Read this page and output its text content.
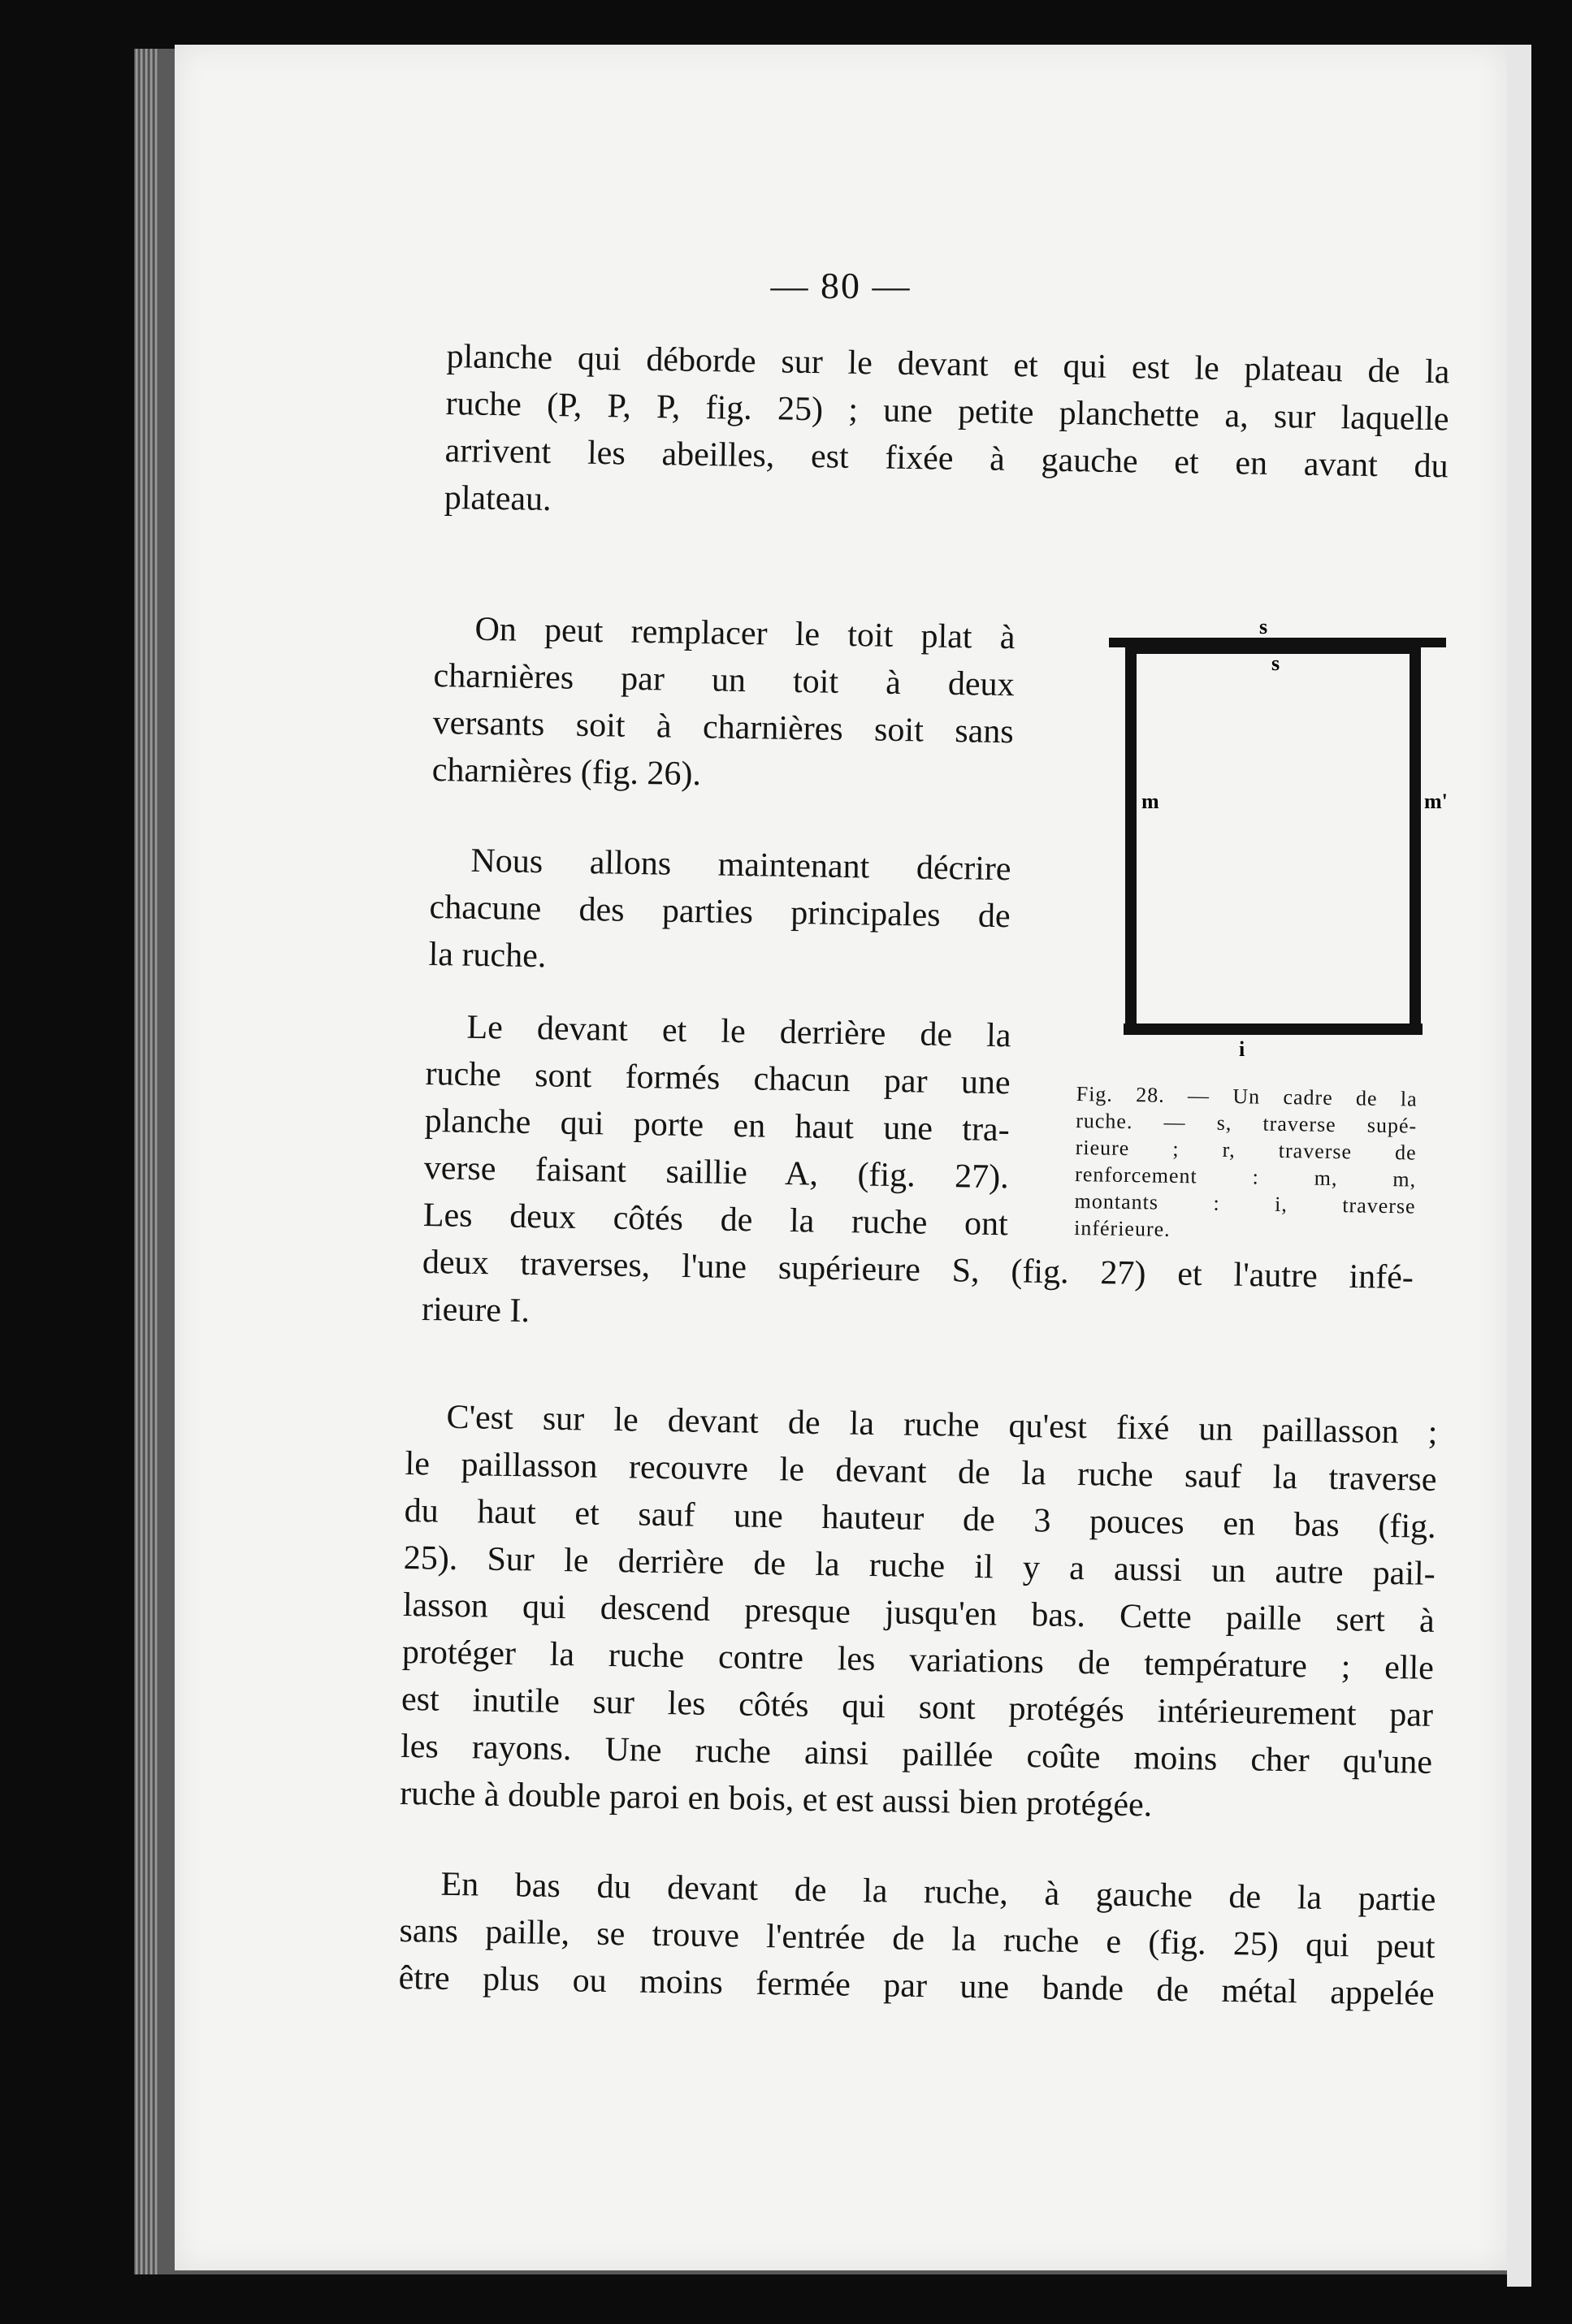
— 80 —
planche qui déborde sur le devant et qui est le plateau de la
ruche (P, P, P, fig. 25) ; une petite planchette a, sur laquelle
arrivent les abeilles, est fixée à gauche et en avant du
plateau.
On peut remplacer le toit plat à
charnières par un toit à deux
versants soit à charnières soit sans
charnières (fig. 26).
Nous allons maintenant décrire
chacune des parties principales de
la ruche.
Le devant et le derrière de la
ruche sont formés chacun par une
planche qui porte en haut une tra-
verse faisant saillie A, (fig. 27).
Les deux côtés de la ruche ont
deux traverses, l'une supérieure S, (fig. 27) et l'autre infé-
rieure I.
s
s
m	m'
i
Fig. 28. — Un cadre de la
ruche. — s, traverse supé-
rieure ; r, traverse de
renforcement : m, m,
montants : i, traverse
inférieure.
C'est sur le devant de la ruche qu'est fixé un paillasson ;
le paillasson recouvre le devant de la ruche sauf la traverse
du haut et sauf une hauteur de 3 pouces en bas (fig.
25). Sur le derrière de la ruche il y a aussi un autre pail-
lasson qui descend presque jusqu'en bas. Cette paille sert à
protéger la ruche contre les variations de température ; elle
est inutile sur les côtés qui sont protégés intérieurement par
les rayons. Une ruche ainsi paillée coûte moins cher qu'une
ruche à double paroi en bois, et est aussi bien protégée.
En bas du devant de la ruche, à gauche de la partie
sans paille, se trouve l'entrée de la ruche e (fig. 25) qui peut
être plus ou moins fermée par une bande de métal appelée
